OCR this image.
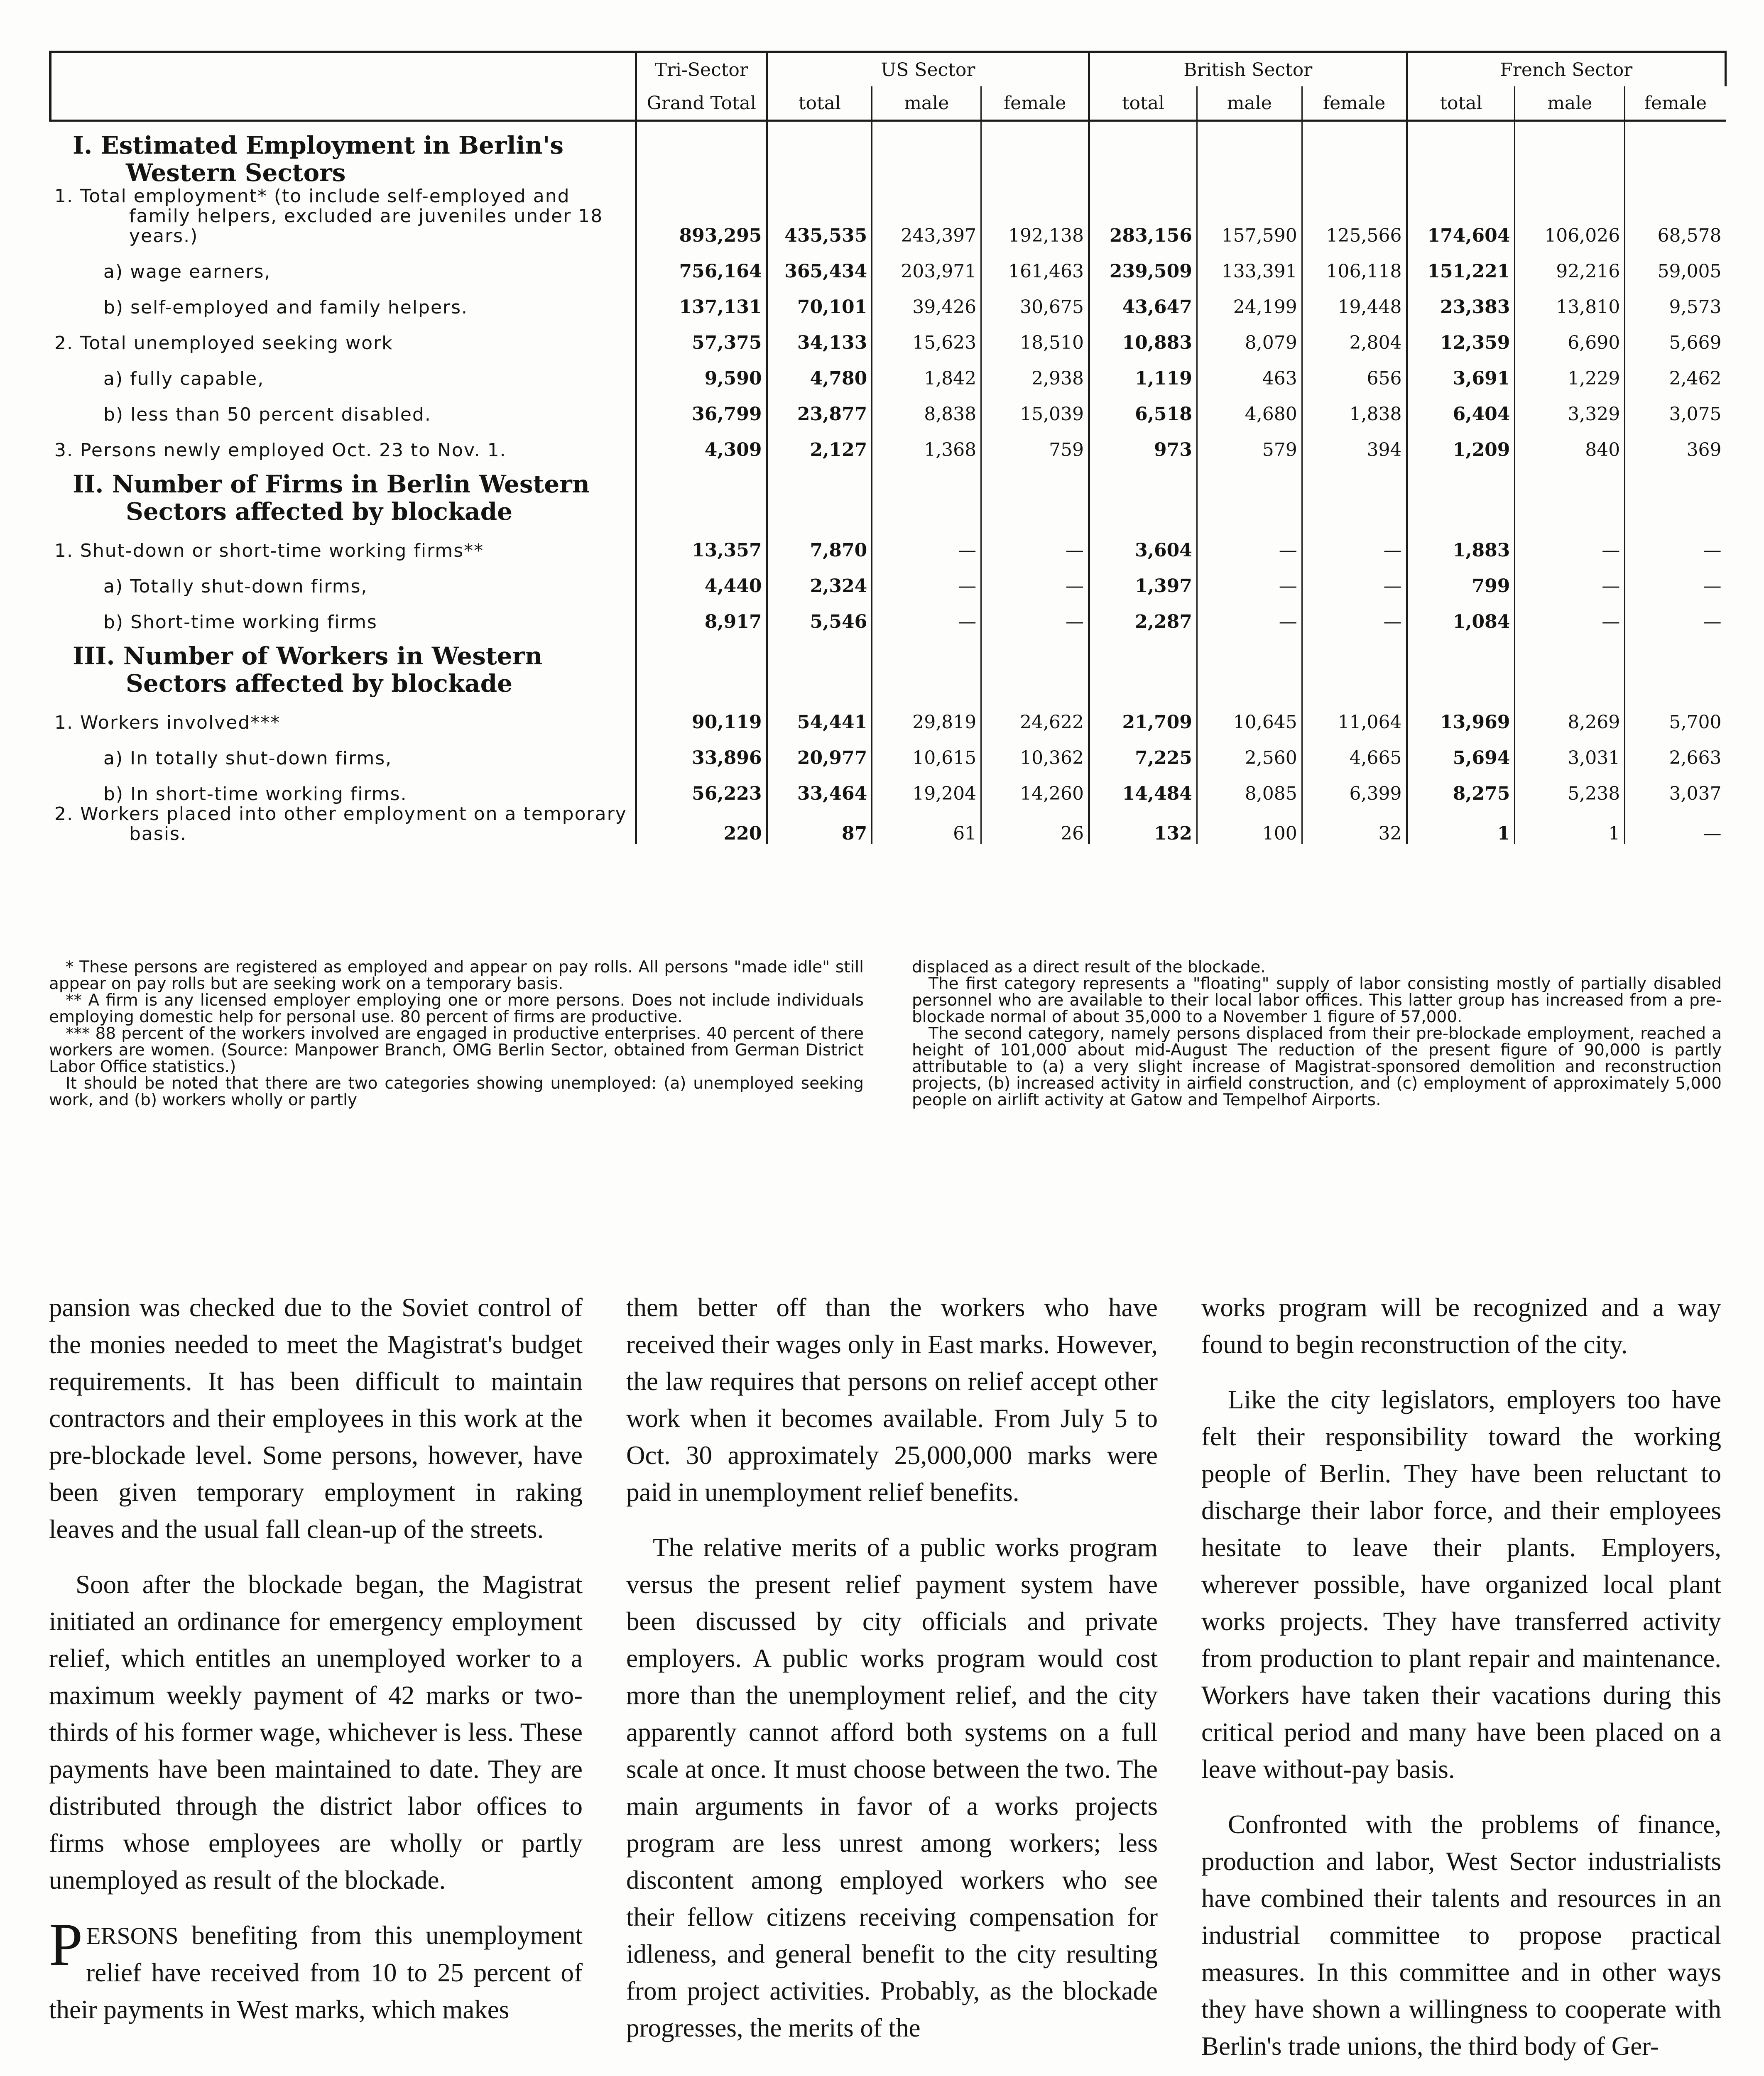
	Tri-Sector	US Sector			British Sector			French Sector		
	Grand Total	total	male	female	total	male	female	total	male	female

I. Estimated Employment in Berlin's Western Sectors										

1. Total employment* (to include self-employed and family helpers, excluded are juveniles under 18 years.)	893,295	435,535	243,397	192,138	283,156	157,590	125,566	174,604	106,026	68,578
a) wage earners,	756,164	365,434	203,971	161,463	239,509	133,391	106,118	151,221	92,216	59,005
b) self-employed and family helpers.	137,131	70,101	39,426	30,675	43,647	24,199	19,448	23,383	13,810	9,573

2. Total unemployed seeking work	57,375	34,133	15,623	18,510	10,883	8,079	2,804	12,359	6,690	5,669
a) fully capable,	9,590	4,780	1,842	2,938	1,119	463	656	3,691	1,229	2,462
b) less than 50 percent disabled.	36,799	23,877	8,838	15,039	6,518	4,680	1,838	6,404	3,329	3,075

3. Persons newly employed Oct. 23 to Nov. 1.	4,309	2,127	1,368	759	973	579	394	1,209	840	369

II. Number of Firms in Berlin Western Sectors affected by blockade										

1. Shut-down or short-time working firms**	13,357	7,870	—	—	3,604	—	—	1,883	—	—
a) Totally shut-down firms,	4,440	2,324	—	—	1,397	—	—	799	—	—
b) Short-time working firms	8,917	5,546	—	—	2,287	—	—	1,084	—	—

III. Number of Workers in Western Sectors affected by blockade										

1. Workers involved***	90,119	54,441	29,819	24,622	21,709	10,645	11,064	13,969	8,269	5,700
a) In totally shut-down firms,	33,896	20,977	10,615	10,362	7,225	2,560	4,665	5,694	3,031	2,663
b) In short-time working firms.	56,223	33,464	19,204	14,260	14,484	8,085	6,399	8,275	5,238	3,037

2. Workers placed into other employment on a temporary basis.	220	87	61	26	132	100	32	1	1	—

* These persons are registered as employed and appear on pay rolls. All persons "made idle" still appear on pay rolls but are seeking work on a temporary basis.

** A firm is any licensed employer employing one or more persons. Does not include individuals employing domestic help for personal use. 80 percent of firms are productive.

*** 88 percent of the workers involved are engaged in productive enterprises. 40 percent of there workers are women. (Source: Manpower Branch, OMG Berlin Sector, obtained from German District Labor Office statistics.)

It should be noted that there are two categories showing unemployed: (a) unemployed seeking work, and (b) workers wholly or partly

displaced as a direct result of the blockade.

The first category represents a "floating" supply of labor consisting mostly of partially disabled personnel who are available to their local labor offices. This latter group has increased from a pre-blockade normal of about 35,000 to a November 1 figure of 57,000.

The second category, namely persons displaced from their pre-blockade employment, reached a height of 101,000 about mid-August The reduction of the present figure of 90,000 is partly attributable to (a) a very slight increase of Magistrat-sponsored demolition and reconstruction projects, (b) increased activity in airfield construction, and (c) employment of approximately 5,000 people on airlift activity at Gatow and Tempelhof Airports.

pansion was checked due to the Soviet control of the monies needed to meet the Magistrat's budget requirements. It has been difficult to maintain contractors and their employees in this work at the pre-blockade level. Some persons, however, have been given temporary employment in raking leaves and the usual fall clean-up of the streets.

Soon after the blockade began, the Magistrat initiated an ordinance for emergency employment relief, which entitles an unemployed worker to a maximum weekly payment of 42 marks or two-thirds of his former wage, whichever is less. These payments have been maintained to date. They are distributed through the district labor offices to firms whose employees are wholly or partly unemployed as result of the blockade.

PERSONS benefiting from this unemployment relief have received from 10 to 25 percent of their payments in West marks, which makes

them better off than the workers who have received their wages only in East marks. However, the law requires that persons on relief accept other work when it becomes available. From July 5 to Oct. 30 approximately 25,000,000 marks were paid in unemployment relief benefits.

The relative merits of a public works program versus the present relief payment system have been discussed by city officials and private employers. A public works program would cost more than the unemployment relief, and the city apparently cannot afford both systems on a full scale at once. It must choose between the two. The main arguments in favor of a works projects program are less unrest among workers; less discontent among employed workers who see their fellow citizens receiving compensation for idleness, and general benefit to the city resulting from project activities. Probably, as the blockade progresses, the merits of the

works program will be recognized and a way found to begin reconstruction of the city.

Like the city legislators, employers too have felt their responsibility toward the working people of Berlin. They have been reluctant to discharge their labor force, and their employees hesitate to leave their plants. Employers, wherever possible, have organized local plant works projects. They have transferred activity from production to plant repair and maintenance. Workers have taken their vacations during this critical period and many have been placed on a leave without-pay basis.

Confronted with the problems of finance, production and labor, West Sector industrialists have combined their talents and resources in an industrial committee to propose practical measures. In this committee and in other ways they have shown a willingness to cooperate with Berlin's trade unions, the third body of Ger-
